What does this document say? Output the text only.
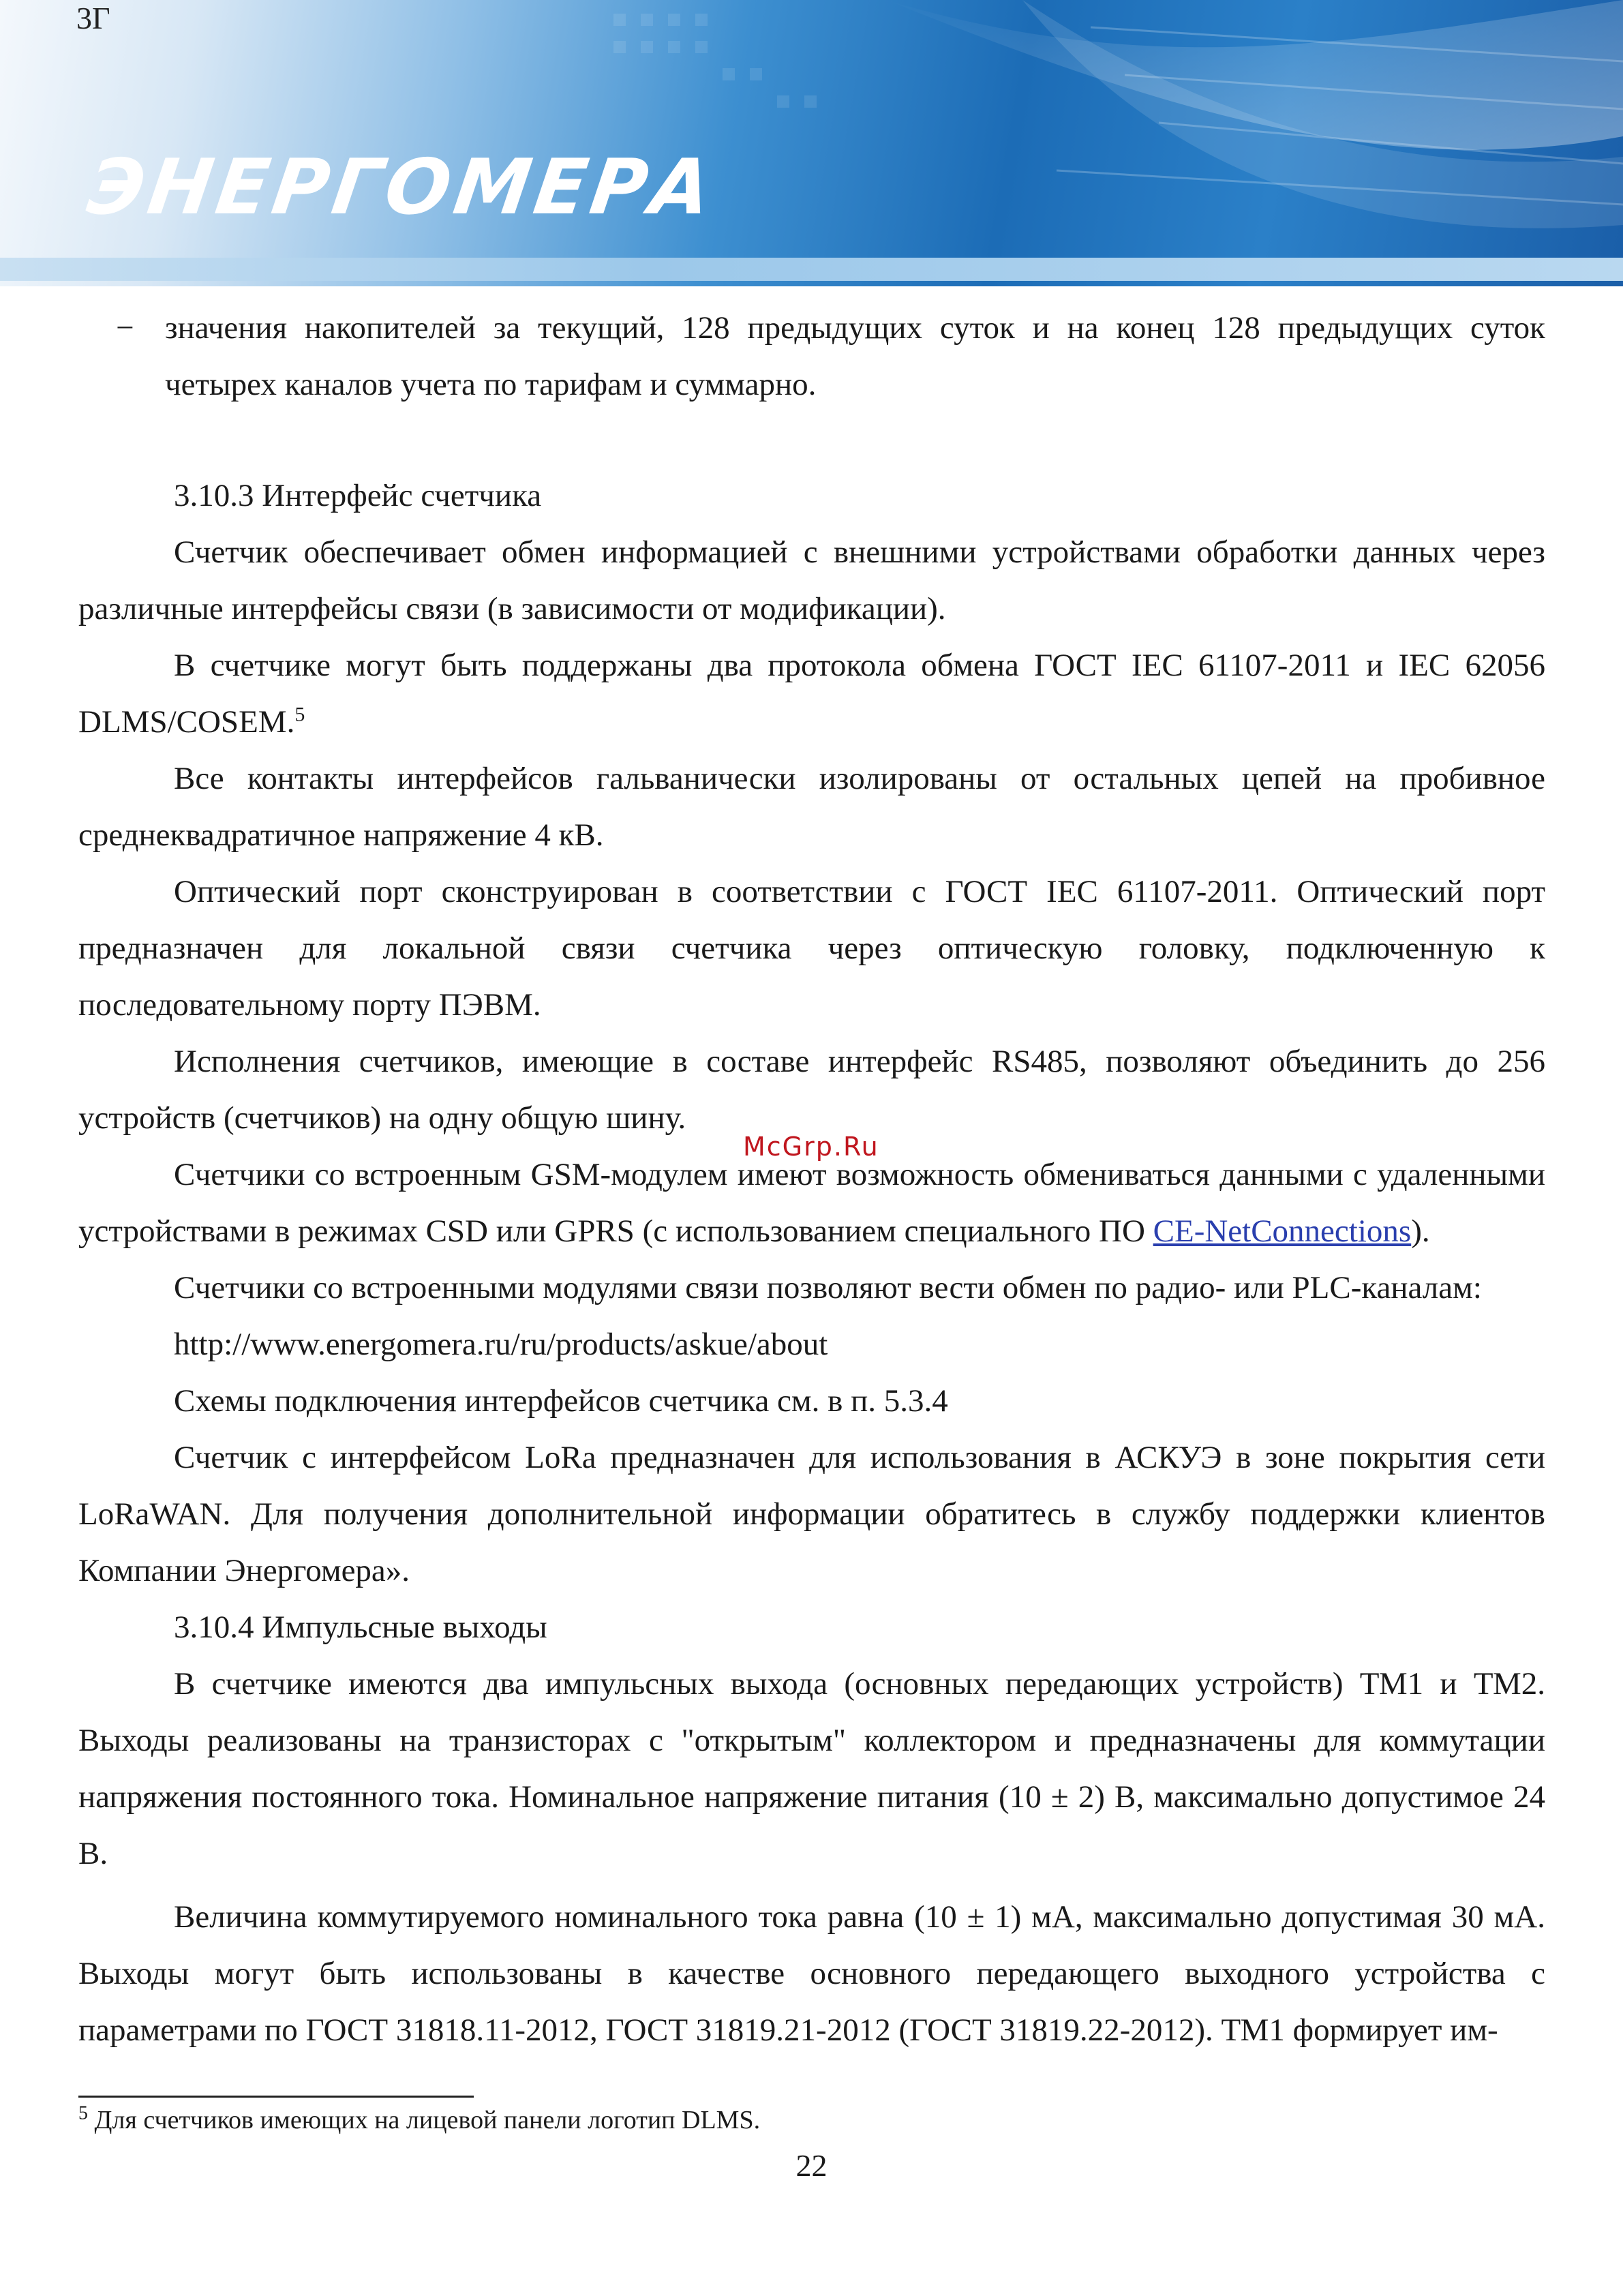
3Г
ЭНЕРГОМЕРА

− значения накопителей за текущий, 128 предыдущих суток и на конец 128 предыдущих суток четырех каналов учета по тарифам и суммарно.

3.10.3 Интерфейс счетчика

Счетчик обеспечивает обмен информацией с внешними устройствами обработки данных через различные интерфейсы связи (в зависимости от модификации).

В счетчике могут быть поддержаны два протокола обмена ГОСТ IEC 61107-2011 и IEC 62056 DLMS/COSEM.$^5$

Все контакты интерфейсов гальванически изолированы от остальных цепей на пробивное среднеквадратичное напряжение 4 кВ.

Оптический порт сконструирован в соответствии с ГОСТ IEC 61107-2011. Оптический порт предназначен для локальной связи счетчика через оптическую головку, подключенную к последовательному порту ПЭВМ.

Исполнения счетчиков, имеющие в составе интерфейс RS485, позволяют объединить до 256 устройств (счетчиков) на одну общую шину.

Счетчики со встроенным GSM-модулем имеют возможность обмениваться данными с удаленными устройствами в режимах CSD или GPRS (с использованием специального ПО CE-NetConnections).

Счетчики со встроенными модулями связи позволяют вести обмен по радио- или PLC-каналам:

http://www.energomera.ru/ru/products/askue/about

Схемы подключения интерфейсов счетчика см. в п. 5.3.4

Счетчик с интерфейсом LoRa предназначен для использования в АСКУЭ в зоне покрытия сети LoRaWAN. Для получения дополнительной информации обратитесь в службу поддержки клиентов Компании Энергомера».

3.10.4 Импульсные выходы

В счетчике имеются два импульсных выхода (основных передающих устройств) ТМ1 и ТМ2. Выходы реализованы на транзисторах с "открытым" коллектором и предназначены для коммутации напряжения постоянного тока. Номинальное напряжение питания (10 ± 2) В, максимально допустимое 24 В.

Величина коммутируемого номинального тока равна (10 ± 1) мА, максимально допустимая 30 мА. Выходы могут быть использованы в качестве основного передающего выходного устройства с параметрами по ГОСТ 31818.11-2012, ГОСТ 31819.21-2012 (ГОСТ 31819.22-2012). ТМ1 формирует им-

McGrp.Ru
$^5$ Для счетчиков имеющих на лицевой панели логотип DLMS.
22
